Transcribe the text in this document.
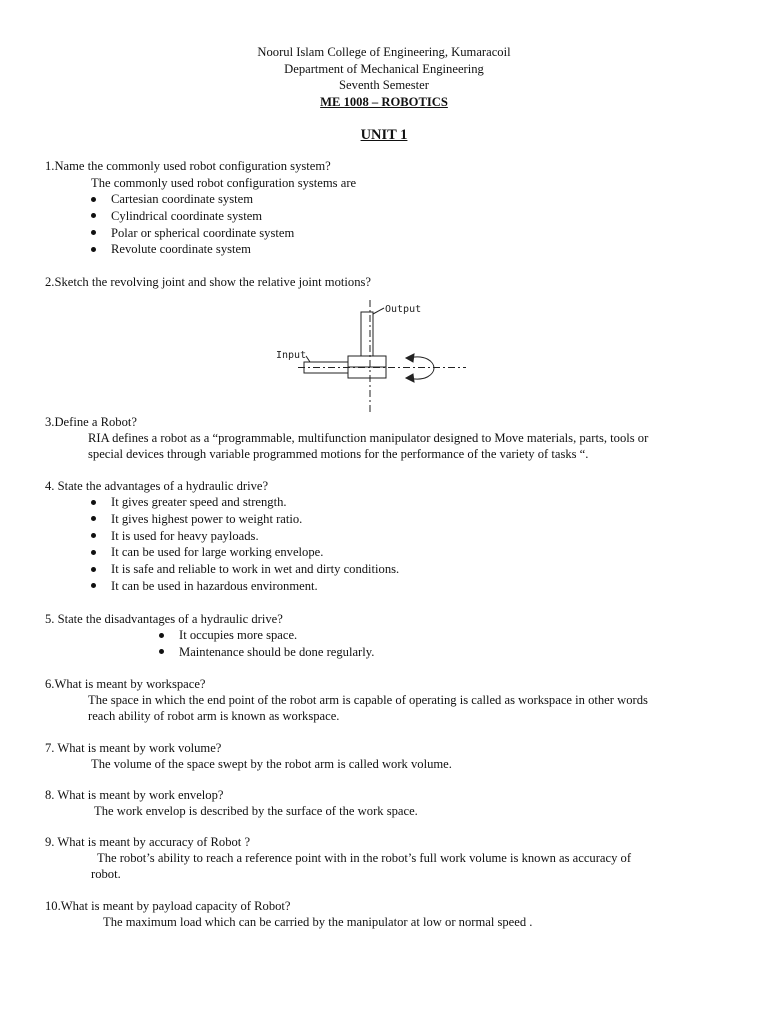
Noorul Islam College of Engineering, Kumaracoil
Department of Mechanical Engineering
Seventh Semester
ME 1008 – ROBOTICS
UNIT 1
1.Name the commonly used robot configuration system?
The commonly used robot configuration systems are
Cartesian coordinate system
Cylindrical coordinate system
Polar or spherical coordinate system
Revolute coordinate system
2.Sketch the revolving joint and show the relative joint motions?
Output
Input
3.Define a Robot?
RIA defines a robot as a “programmable, multifunction manipulator designed to Move materials, parts, tools or
special devices through variable programmed motions for the performance of the variety of tasks “.
4. State the advantages of a hydraulic drive?
It gives greater speed and strength.
It gives highest power to weight ratio.
It is used for heavy payloads.
It can be used for large working envelope.
It is safe and reliable to work in wet and dirty conditions.
It can be used in hazardous environment.
5. State the disadvantages of a hydraulic drive?
It occupies more space.
Maintenance should be done regularly.
6.What is meant by workspace?
The space in which the end point of the robot arm is capable of operating is called as workspace in other words
reach ability of robot arm is known as workspace.
7. What is meant by work volume?
The volume of the space swept by the robot arm is called work volume.
8. What is meant by work envelop?
The work envelop is described by the surface of the work space.
9. What is meant by accuracy of Robot ?
The robot’s ability to reach a reference point with in the robot’s full work volume is known as accuracy of
robot.
10.What is meant by payload capacity of Robot?
The maximum load which can be carried by the manipulator at low or normal speed .
